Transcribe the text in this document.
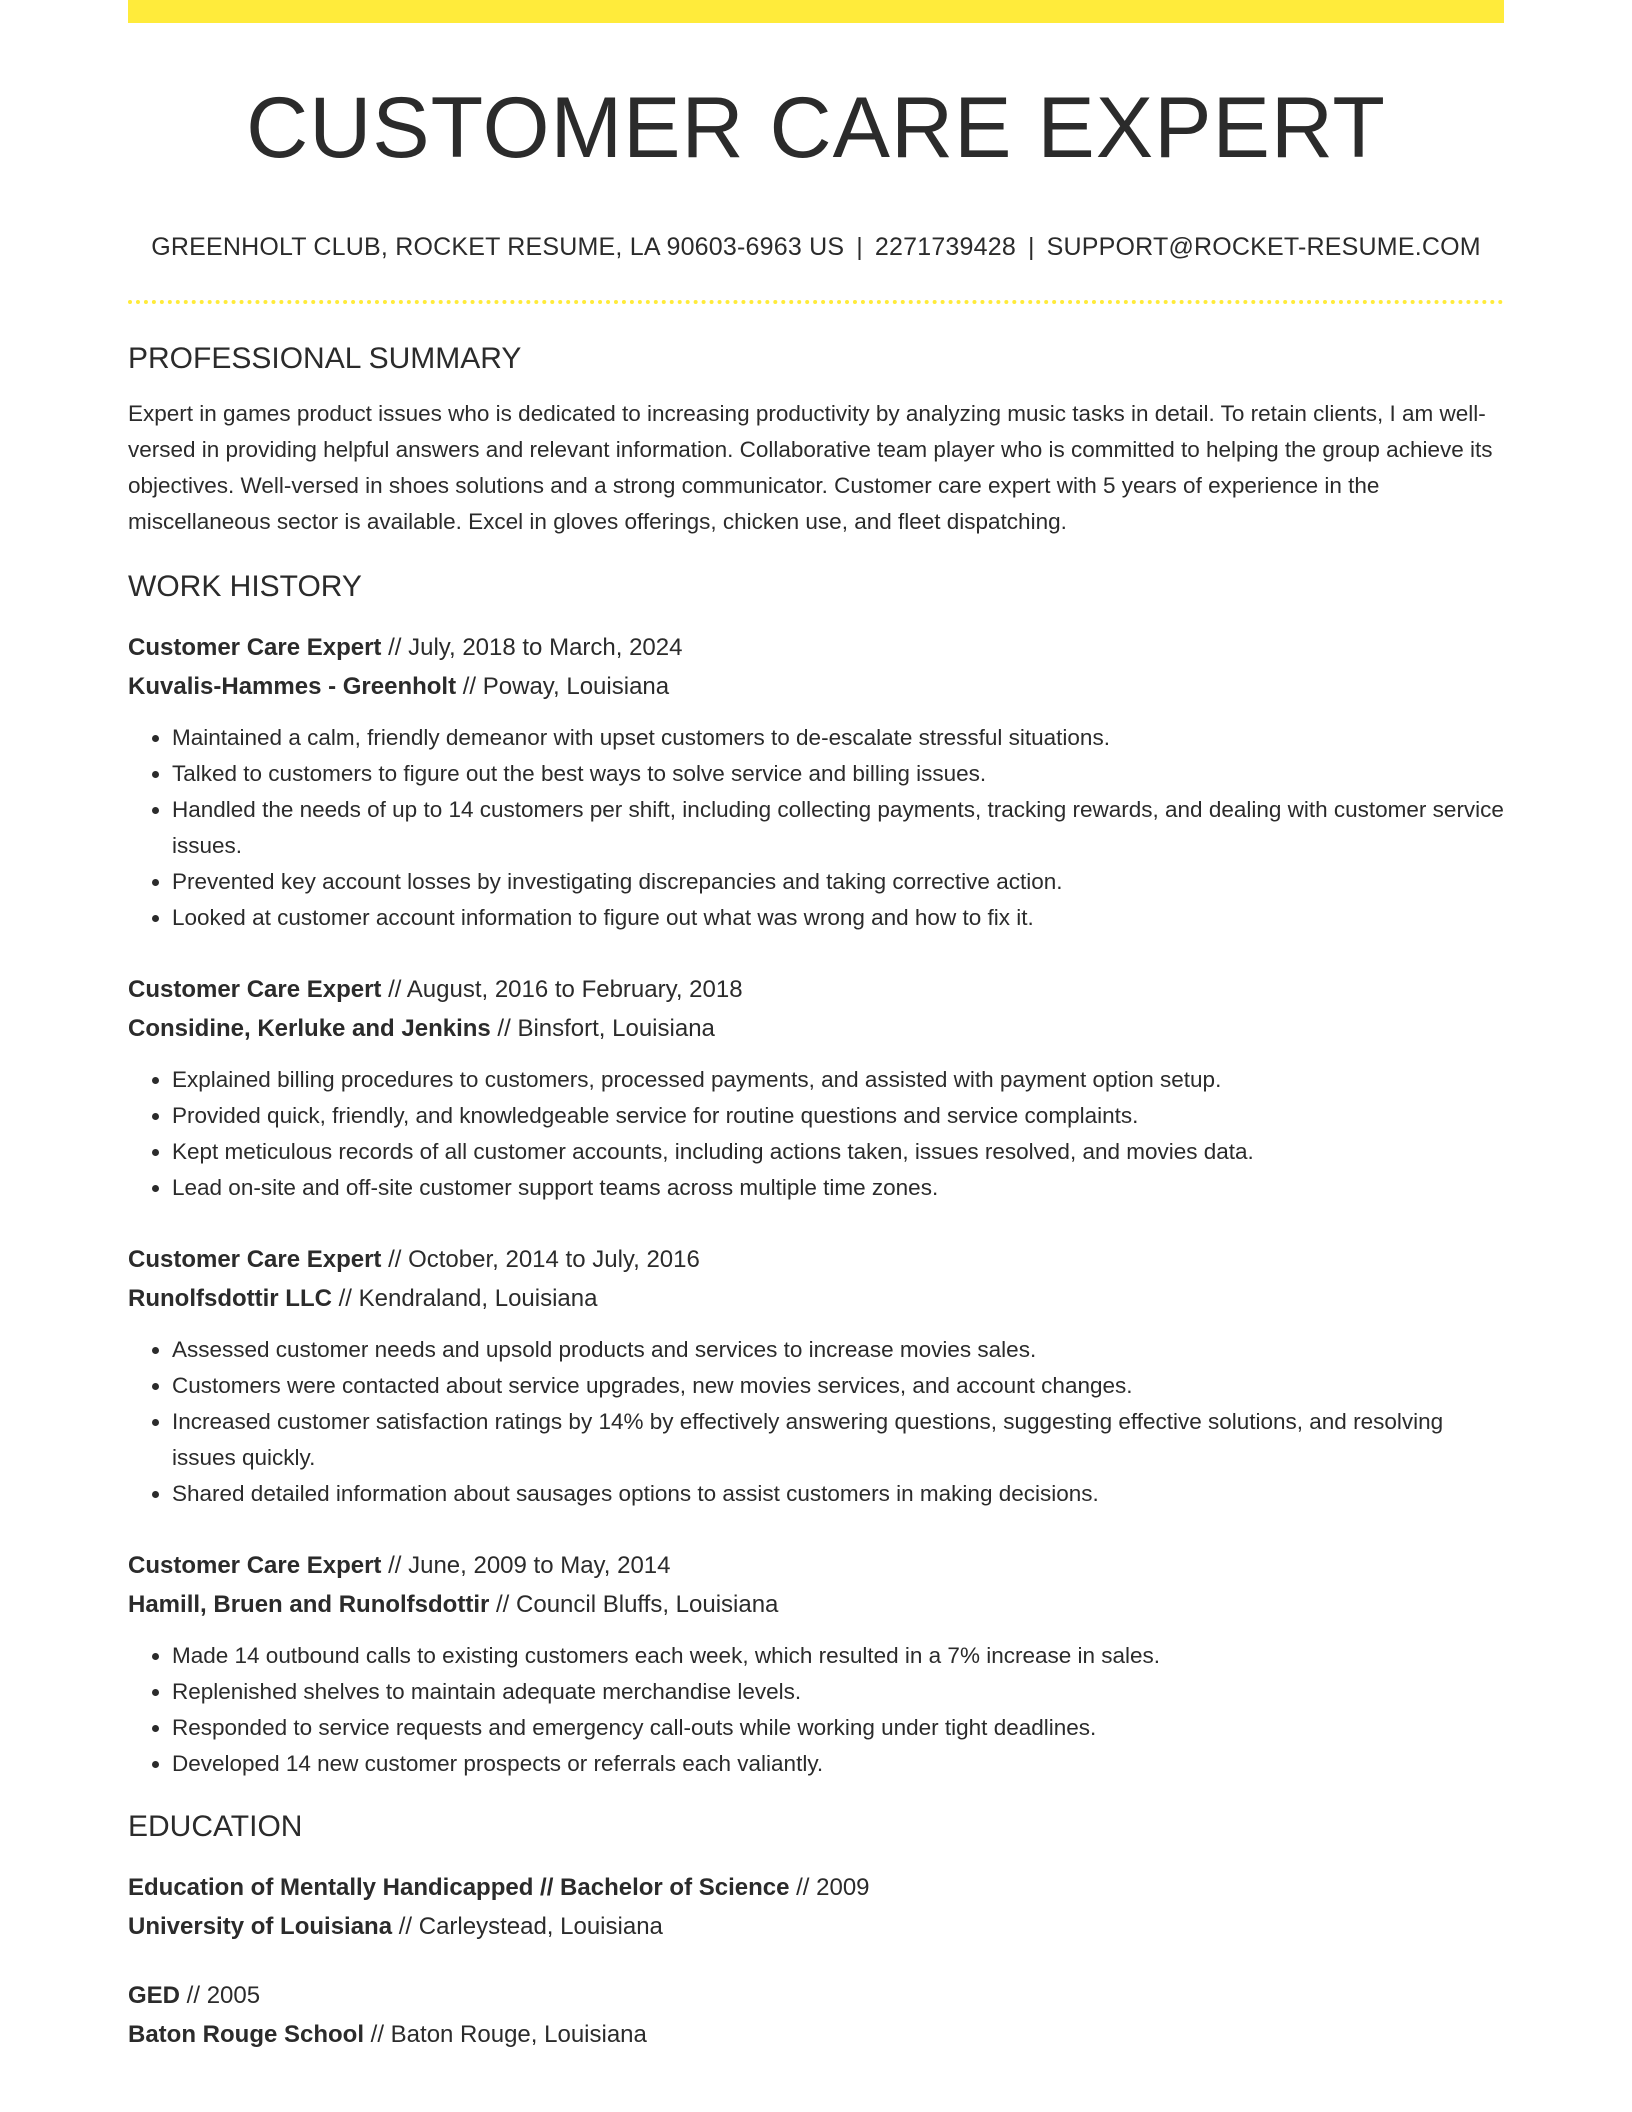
CUSTOMER CARE EXPERT
GREENHOLT CLUB, ROCKET RESUME, LA 90603-6963 US | 2271739428 | SUPPORT@ROCKET-RESUME.COM
PROFESSIONAL SUMMARY
Expert in games product issues who is dedicated to increasing productivity by analyzing music tasks in detail. To retain clients, I am well-versed in providing helpful answers and relevant information. Collaborative team player who is committed to helping the group achieve its objectives. Well-versed in shoes solutions and a strong communicator. Customer care expert with 5 years of experience in the miscellaneous sector is available. Excel in gloves offerings, chicken use, and fleet dispatching.
WORK HISTORY
Customer Care Expert // July, 2018 to March, 2024
Kuvalis-Hammes - Greenholt // Poway, Louisiana
• Maintained a calm, friendly demeanor with upset customers to de-escalate stressful situations.
• Talked to customers to figure out the best ways to solve service and billing issues.
• Handled the needs of up to 14 customers per shift, including collecting payments, tracking rewards, and dealing with customer service issues.
• Prevented key account losses by investigating discrepancies and taking corrective action.
• Looked at customer account information to figure out what was wrong and how to fix it.
Customer Care Expert // August, 2016 to February, 2018
Considine, Kerluke and Jenkins // Binsfort, Louisiana
• Explained billing procedures to customers, processed payments, and assisted with payment option setup.
• Provided quick, friendly, and knowledgeable service for routine questions and service complaints.
• Kept meticulous records of all customer accounts, including actions taken, issues resolved, and movies data.
• Lead on-site and off-site customer support teams across multiple time zones.
Customer Care Expert // October, 2014 to July, 2016
Runolfsdottir LLC // Kendraland, Louisiana
• Assessed customer needs and upsold products and services to increase movies sales.
• Customers were contacted about service upgrades, new movies services, and account changes.
• Increased customer satisfaction ratings by 14% by effectively answering questions, suggesting effective solutions, and resolving issues quickly.
• Shared detailed information about sausages options to assist customers in making decisions.
Customer Care Expert // June, 2009 to May, 2014
Hamill, Bruen and Runolfsdottir // Council Bluffs, Louisiana
• Made 14 outbound calls to existing customers each week, which resulted in a 7% increase in sales.
• Replenished shelves to maintain adequate merchandise levels.
• Responded to service requests and emergency call-outs while working under tight deadlines.
• Developed 14 new customer prospects or referrals each valiantly.
EDUCATION
Education of Mentally Handicapped // Bachelor of Science // 2009
University of Louisiana // Carleystead, Louisiana
GED // 2005
Baton Rouge School // Baton Rouge, Louisiana
